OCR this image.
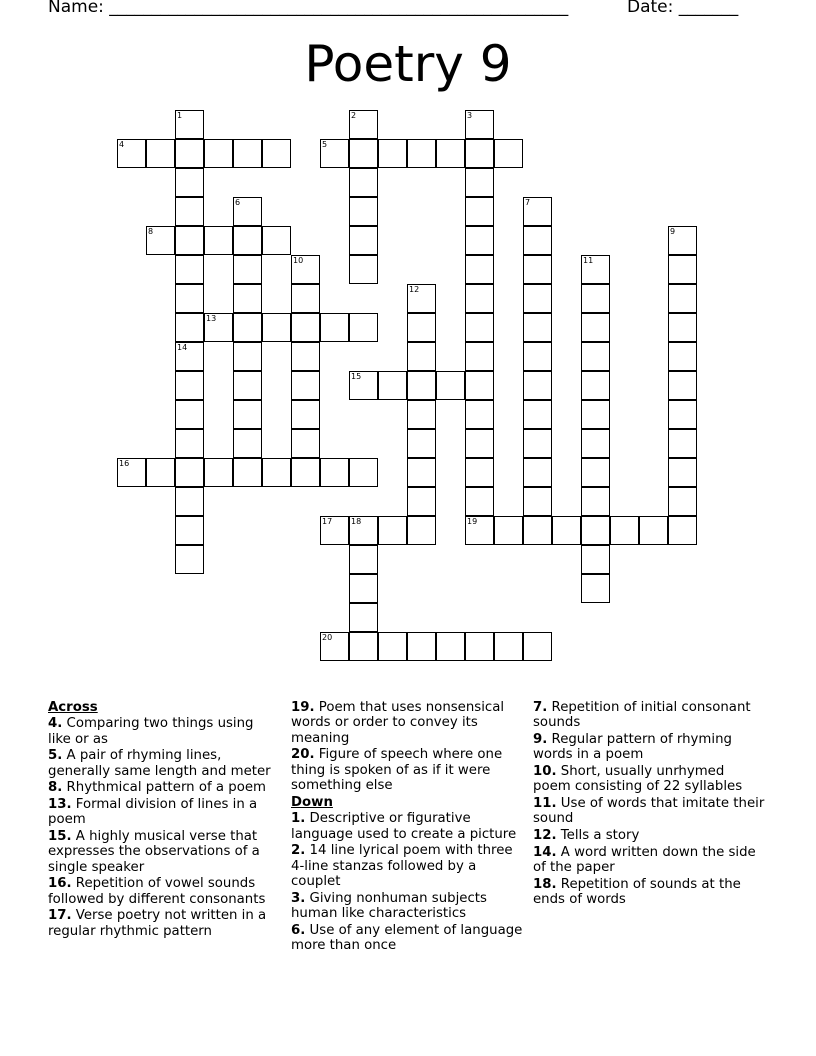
Name: ______________________________________________________	Date: _______
Poetry 9
4	5
8
13
15
16
17 18	19
20
1
14
2	3
6	7
9
10	11
12
Across
4. Comparing two things using like or as
5. A pair of rhyming lines, generally same length and meter
8. Rhythmical pattern of a poem
13. Formal division of lines in a poem
15. A highly musical verse that expresses the observations of a single speaker
16. Repetition of vowel sounds followed by different consonants
17. Verse poetry not written in a regular rhythmic pattern
19. Poem that uses nonsensical words or order to convey its meaning
20. Figure of speech where one thing is spoken of as if it were something else
Down
1. Descriptive or figurative language used to create a picture
2. 14 line lyrical poem with three 4-line stanzas followed by a couplet
3. Giving nonhuman subjects human like characteristics
6. Use of any element of language more than once
7. Repetition of initial consonant sounds
9. Regular pattern of rhyming words in a poem
10. Short, usually unrhymed poem consisting of 22 syllables
11. Use of words that imitate their sound
12. Tells a story
14. A word written down the side of the paper
18. Repetition of sounds at the ends of words
